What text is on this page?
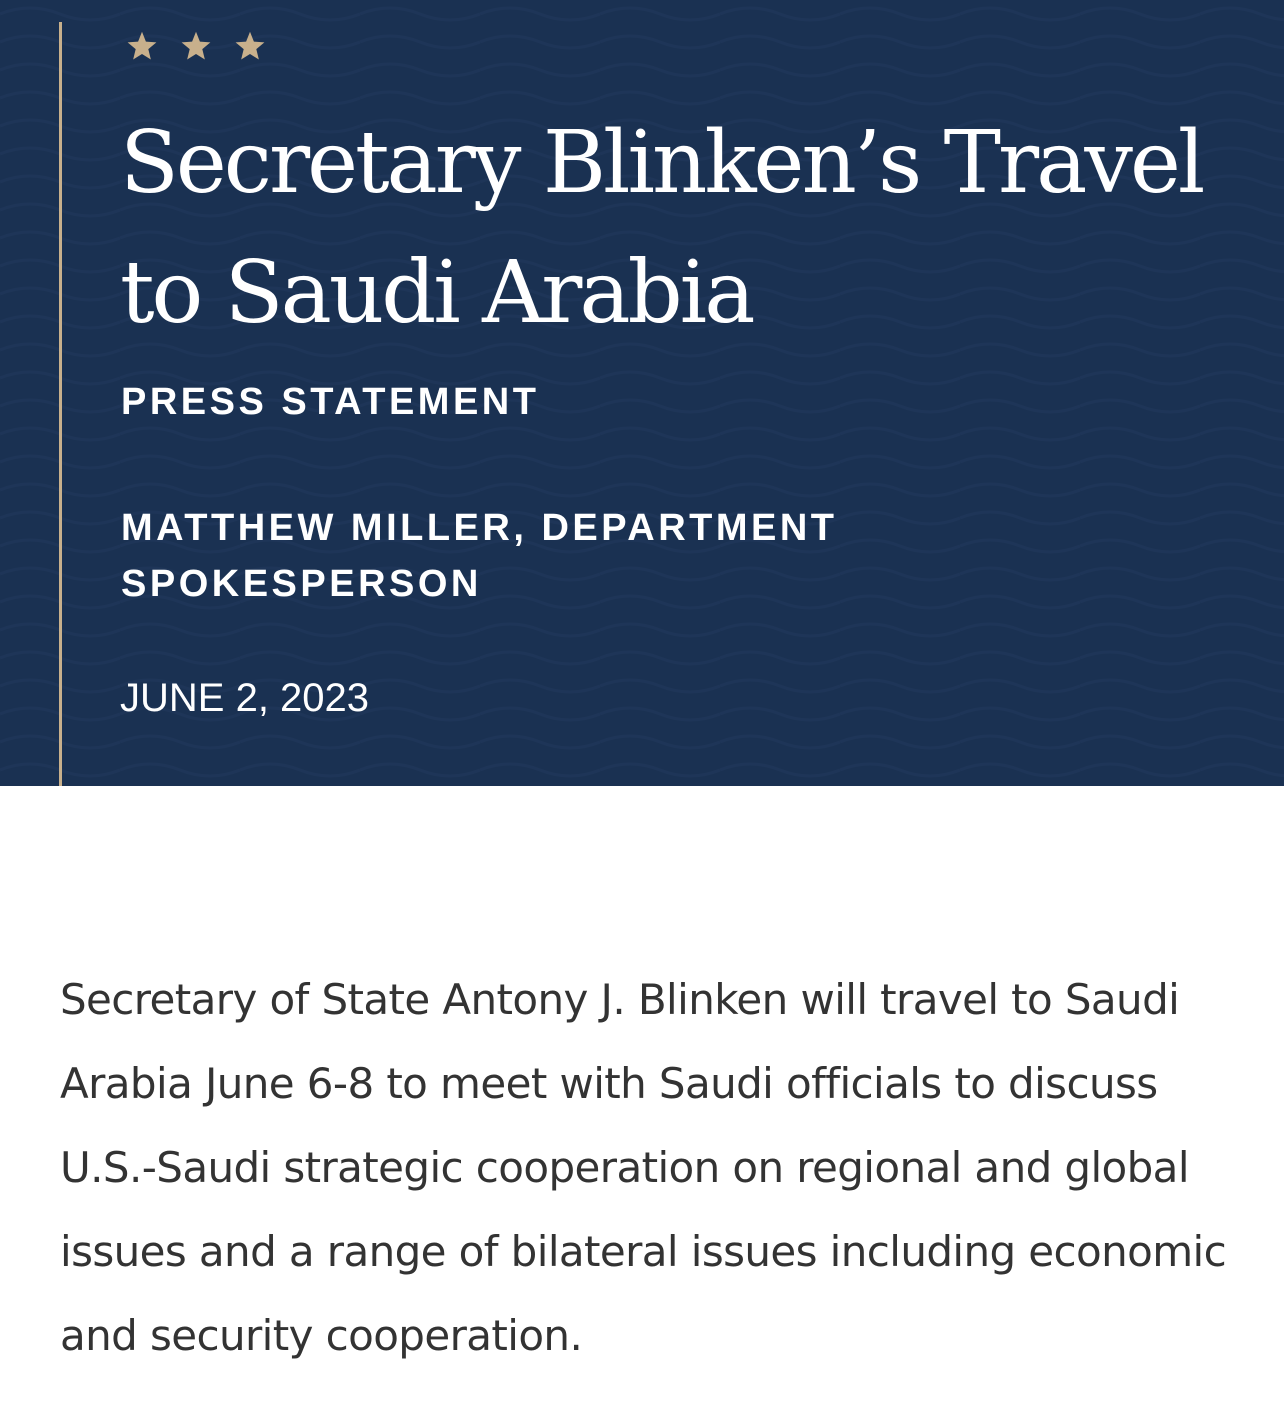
Secretary Blinken’s Travel to Saudi Arabia

PRESS STATEMENT

MATTHEW MILLER, DEPARTMENT SPOKESPERSON

JUNE 2, 2023

Secretary of State Antony J. Blinken will travel to Saudi Arabia June 6-8 to meet with Saudi officials to discuss U.S.-Saudi strategic cooperation on regional and global issues and a range of bilateral issues including economic and security cooperation.
